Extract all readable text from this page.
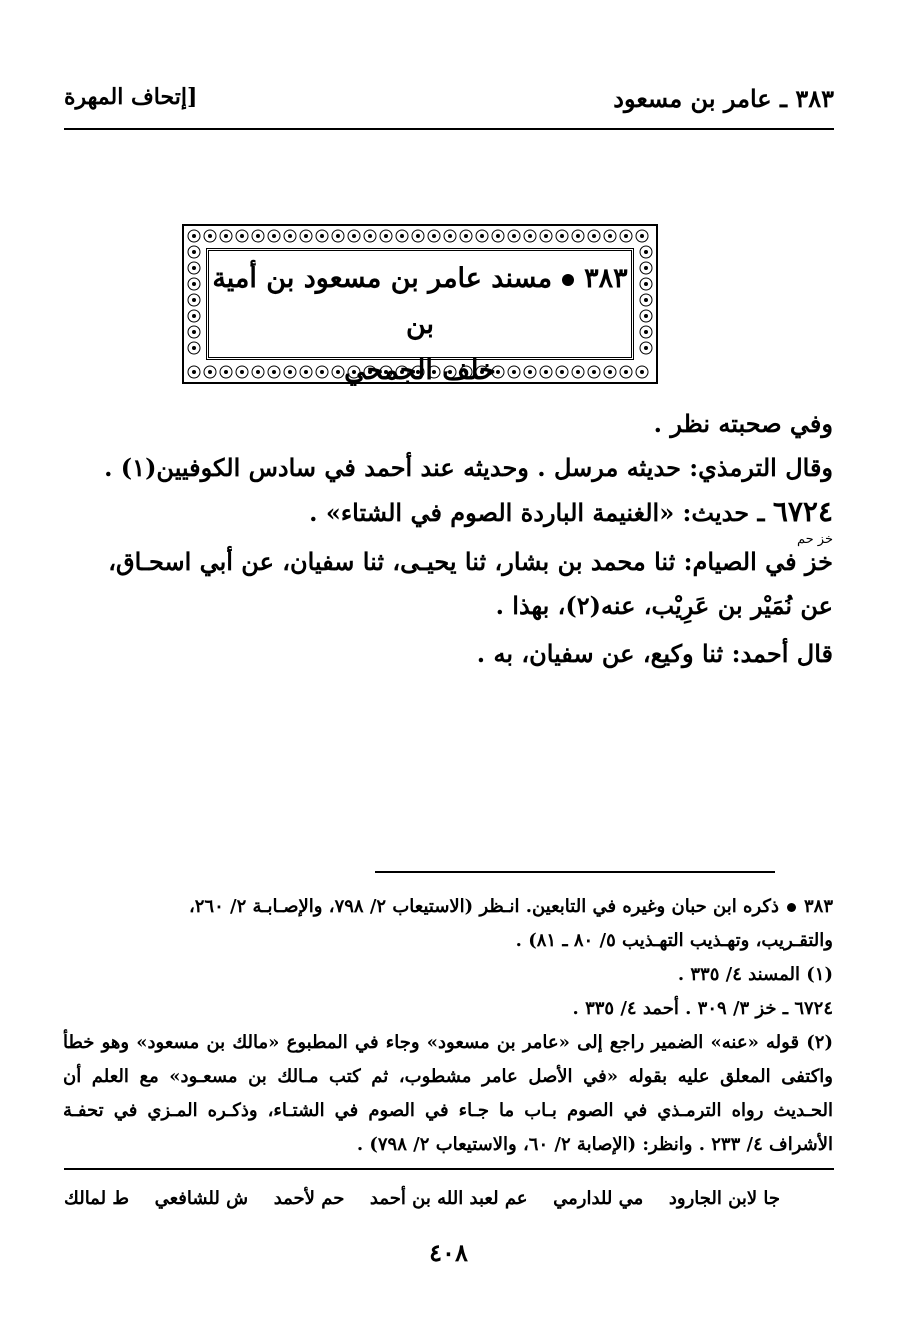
٣٨٣ ـ عامر بن مسعود
[إتحاف المهرة
٣٨٣مسند عامر بن مسعود بن أمية بن
خلف الجمحي
وفي صحبته نظر .
وقال الترمذي: حديثه مرسل . وحديثه عند أحمد في سادس الكوفيين(١) .
٦٧٢٤ ـ حديث: «الغنيمة الباردة الصوم في الشتاء» .
خز حم
خز في الصيام: ثنا محمد بن بشار، ثنا يحيـى، ثنا سفيان، عن أبي اسحـاق،
عن نُمَيْر بن عَرِيْب، عنه(٢)، بهذا .
قال أحمد: ثنا وكيع، عن سفيان، به .
٣٨٣ذكره ابن حبان وغيره في التابعين. انـظر (الاستيعاب ٢/ ٧٩٨، والإصـابـة ٢/ ٢٦٠،
والتقـريب، وتهـذيب التهـذيب ٥/ ٨٠ ـ ٨١) .
(١) المسند ٤/ ٣٣٥ .
٦٧٢٤ ـ خز ٣/ ٣٠٩ . أحمد ٤/ ٣٣٥ .
(٢) قوله «عنه» الضمير راجع إلى «عامر بن مسعود» وجاء في المطبوع «مالك بن مسعود» وهو خطأ واكتفى المعلق عليه بقوله «في الأصل عامر مشطوب، ثم كتب مـالك بن مسعـود» مع العلم أن الحـديث رواه الترمـذي في الصوم بـاب ما جـاء في الصوم في الشتـاء، وذكـره المـزي في تحفـة الأشراف ٤/ ٢٣٣ . وانظر: (الإصابة ٢/ ٦٠، والاستيعاب ٢/ ٧٩٨) .
ط لمالك ش للشافعي حم لأحمد عم لعبد الله بن أحمد مي للدارمي جا لابن الجارود
٤٠٨
